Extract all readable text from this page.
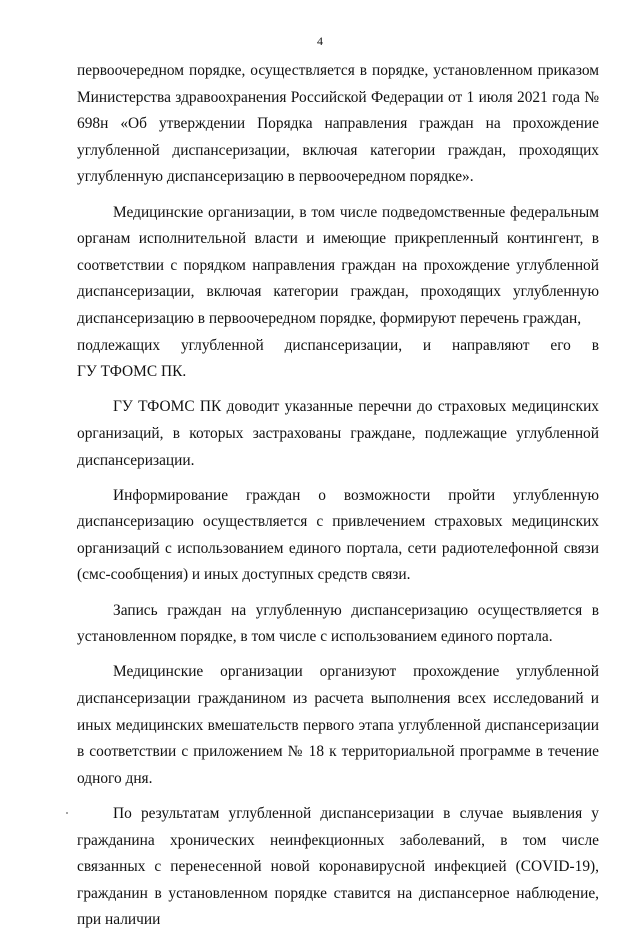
4

первоочередном порядке, осуществляется в порядке, установленном приказом Министерства здравоохранения Российской Федерации от 1 июля 2021 года № 698н «Об утверждении Порядка направления граждан на прохождение углубленной диспансеризации, включая категории граждан, проходящих углубленную диспансеризацию в первоочередном порядке».

Медицинские организации, в том числе подведомственные федеральным органам исполнительной власти и имеющие прикрепленный контингент, в соответствии с порядком направления граждан на прохождение углубленной диспансеризации, включая категории граждан, проходящих углубленную диспансеризацию в первоочередном порядке, формируют перечень граждан,
подлежащих углубленной диспансеризации, и направляют его в
ГУ ТФОМС ПК.

ГУ ТФОМС ПК доводит указанные перечни до страховых медицинских организаций, в которых застрахованы граждане, подлежащие углубленной диспансеризации.

Информирование граждан о возможности пройти углубленную диспансеризацию осуществляется с привлечением страховых медицинских организаций с использованием единого портала, сети радиотелефонной связи (смс-сообщения) и иных доступных средств связи.

Запись граждан на углубленную диспансеризацию осуществляется в установленном порядке, в том числе с использованием единого портала.

Медицинские организации организуют прохождение углубленной диспансеризации гражданином из расчета выполнения всех исследований и иных медицинских вмешательств первого этапа углубленной диспансеризации в соответствии с приложением № 18 к территориальной программе в течение одного дня.

По результатам углубленной диспансеризации в случае выявления у гражданина хронических неинфекционных заболеваний, в том числе связанных с перенесенной новой коронавирусной инфекцией (COVID-19), гражданин в установленном порядке ставится на диспансерное наблюдение, при наличии
